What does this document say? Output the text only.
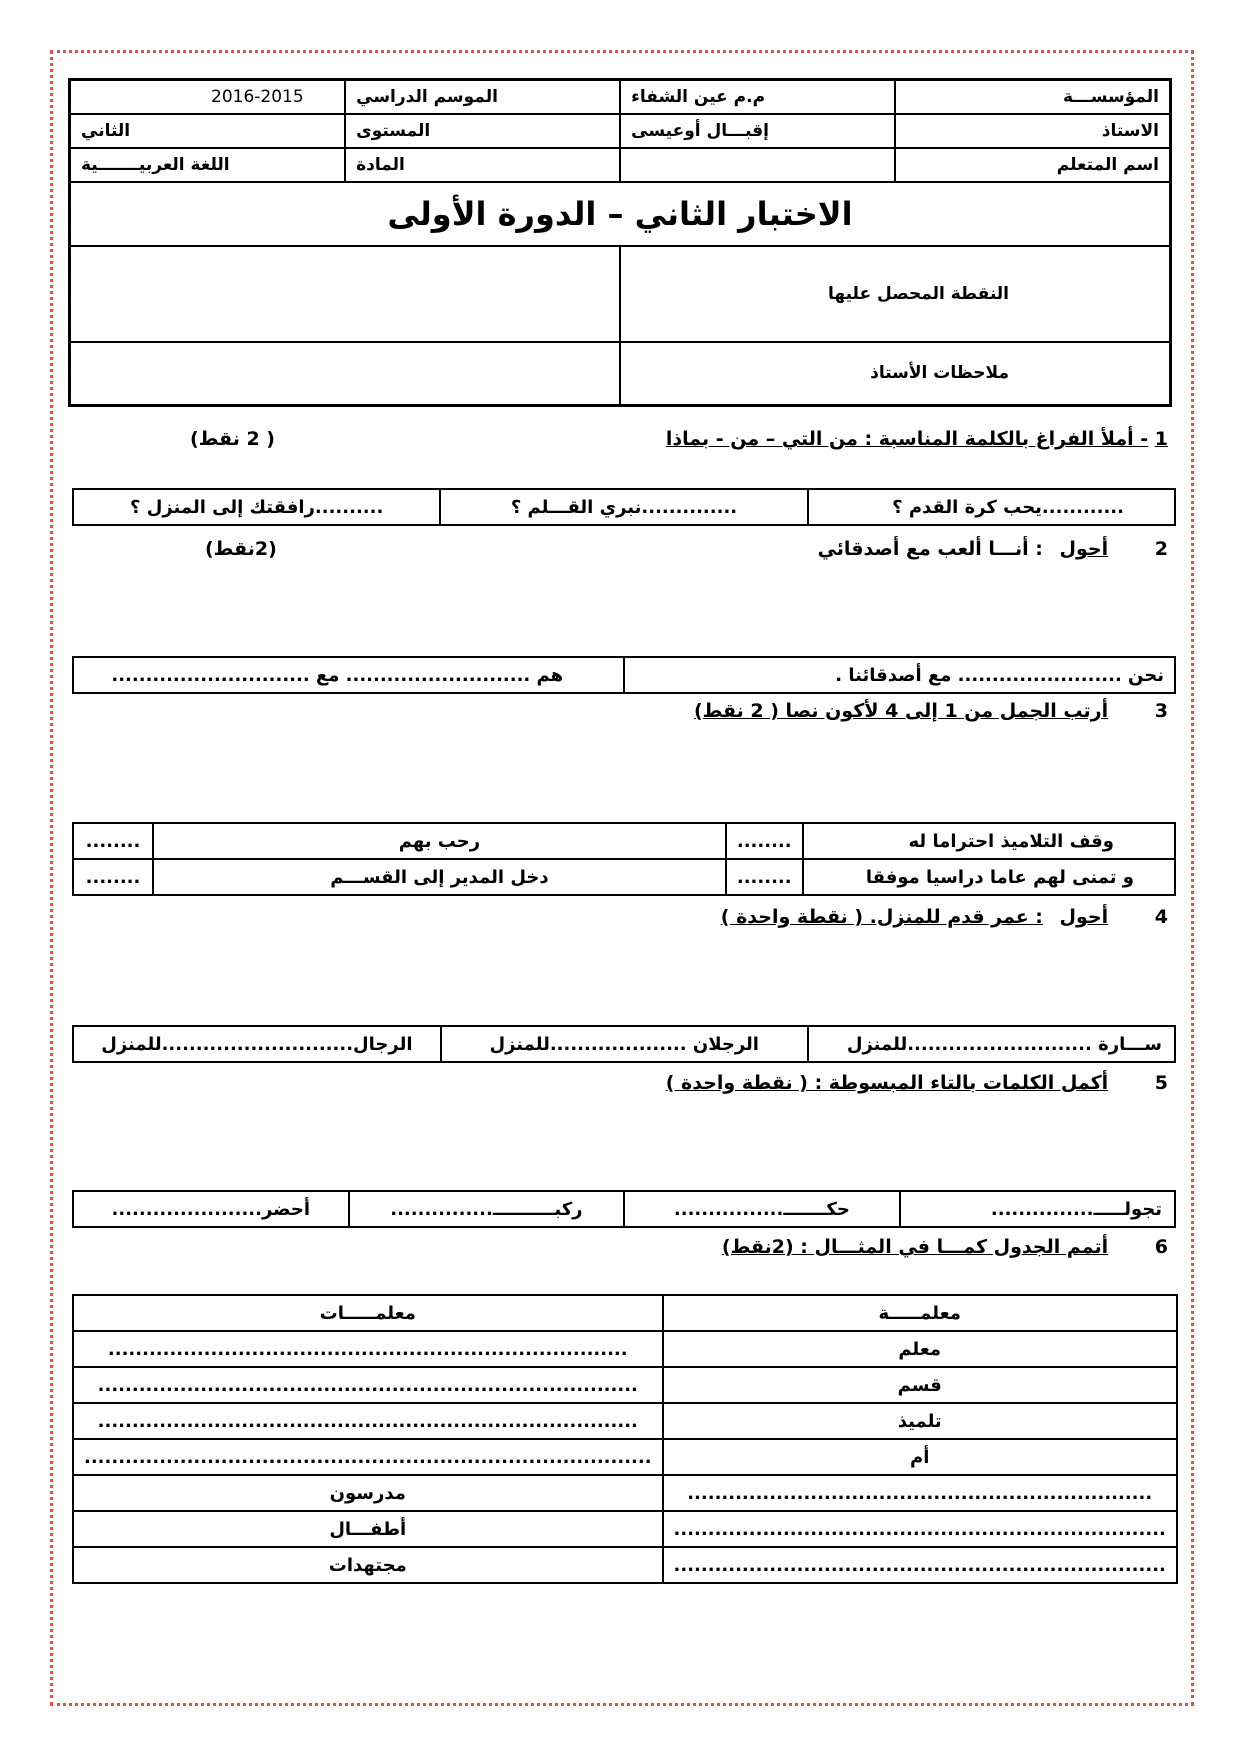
المؤسســـة	م.م عين الشفاء	الموسم الدراسي	2016-2015
الاستاذ	إقبـــال أوعيسى	المستوى	الثاني
اسم المتعلم		المادة	اللغة العربيـــــــية
الاختبار الثاني – الدورة الأولى			
النقطة المحصل عليها			
ملاحظات الأستاذ			
1 - أملأ الفراغ بالكلمة المناسبة : من التي – من - بماذا
( 2 نقط)
............يحب كرة القدم ؟	..............نبري القـــلم ؟	..........رافقتك إلى المنزل ؟
2 أحول : أنـــا ألعب مع أصدقائي
(2نقط)
نحن ........................ مع أصدقائنا .	هم ........................... مع .............................
3 أرتب الجمل من 1 إلى 4 لأكون نصا ( 2 نقط)
وقف التلاميذ احتراما له	........	رحب بهم	........
و تمنى لهم عاما دراسيا موفقا	........	دخل المدير إلى القســـم	........
4 أحول : عمر قدم للمنزل. ( نقطة واحدة )
ســـارة ...........................للمنزل	الرجلان ....................للمنزل	الرجال............................للمنزل
5 أكمل الكلمات بالتاء المبسوطة : ( نقطة واحدة )
تجولـــــ...............	حكـــــــ................	ركبــــــــــ...............	أحضر......................
6 أتمم الجدول كمـــا في المثـــال : (2نقط)
معلمـــــة	معلمـــــات
معلم	............................................................................
قسم	...............................................................................
تلميذ	...............................................................................
أم	...................................................................................
....................................................................	مدرسون
........................................................................	أطفـــال
........................................................................	مجتهدات
